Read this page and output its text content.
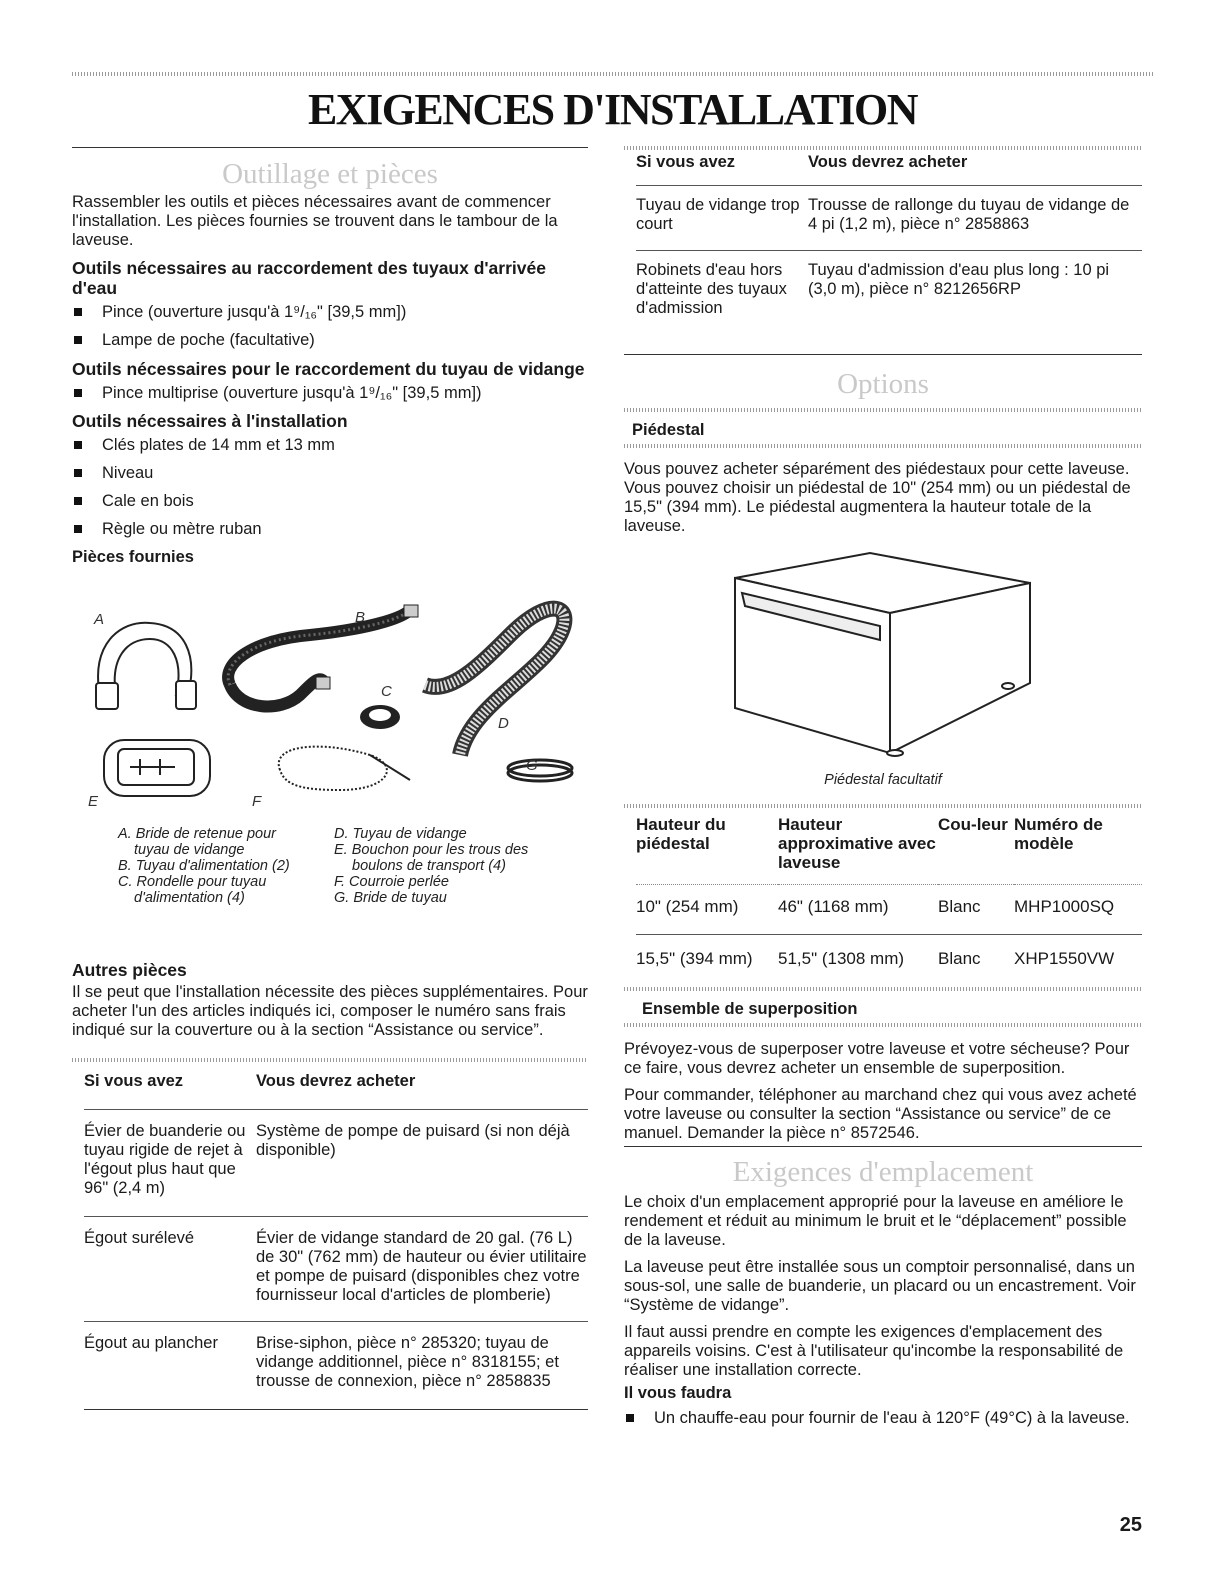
EXIGENCES D'INSTALLATION
Outillage et pièces

Rassembler les outils et pièces nécessaires avant de commencer l'installation. Les pièces fournies se trouvent dans le tambour de la laveuse.

Outils nécessaires au raccordement des tuyaux d'arrivée d'eau
Pince (ouverture jusqu'à 1⁹/₁₆" [39,5 mm])
Lampe de poche (facultative)
Outils nécessaires pour le raccordement du tuyau de vidange
Pince multiprise (ouverture jusqu'à 1⁹/₁₆" [39,5 mm])
Outils nécessaires à l'installation
Clés plates de 14 mm et 13 mm
Niveau
Cale en bois
Règle ou mètre ruban
Pièces fournies
A	B
C
D
E	F
G
A. Bride de retenue pour
tuyau de vidange
B. Tuyau d'alimentation (2)
C. Rondelle pour tuyau
d'alimentation (4)
D. Tuyau de vidange
E. Bouchon pour les trous des
boulons de transport (4)
F. Courroie perlée
G. Bride de tuyau
Autres pièces

Il se peut que l'installation nécessite des pièces supplémentaires. Pour acheter l'un des articles indiqués ici, composer le numéro sans frais indiqué sur la couverture ou à la section “Assistance ou service”.

Si vous avez	Vous devrez acheter
Évier de buanderie ou tuyau rigide de rejet à l'égout plus haut que 96" (2,4 m)	Système de pompe de puisard (si non déjà disponible)
Égout surélevé	Évier de vidange standard de 20 gal. (76 L) de 30" (762 mm) de hauteur ou évier utilitaire et pompe de puisard (disponibles chez votre fournisseur local d'articles de plomberie)
Égout au plancher	Brise-siphon, pièce n° 285320; tuyau de vidange additionnel, pièce n° 8318155; et trousse de connexion, pièce n° 2858835
Si vous avez	Vous devrez acheter
Tuyau de vidange trop court	Trousse de rallonge du tuyau de vidange de 4 pi (1,2 m), pièce n° 2858863
Robinets d'eau hors d'atteinte des tuyaux d'admission	Tuyau d'admission d'eau plus long : 10 pi (3,0 m), pièce n° 8212656RP
Options
Piédestal

Vous pouvez acheter séparément des piédestaux pour cette laveuse. Vous pouvez choisir un piédestal de 10" (254 mm) ou un piédestal de 15,5" (394 mm). Le piédestal augmentera la hauteur totale de la laveuse.

Piédestal facultatif
Hauteur du piédestal	Hauteur approximative avec laveuse	Cou-leur	Numéro de modèle
10" (254 mm)	46" (1168 mm)	Blanc	MHP1000SQ
15,5" (394 mm)	51,5" (1308 mm)	Blanc	XHP1550VW
Ensemble de superposition

Prévoyez-vous de superposer votre laveuse et votre sécheuse? Pour ce faire, vous devrez acheter un ensemble de superposition.

Pour commander, téléphoner au marchand chez qui vous avez acheté votre laveuse ou consulter la section “Assistance ou service” de ce manuel. Demander la pièce n° 8572546.

Exigences d'emplacement

Le choix d'un emplacement approprié pour la laveuse en améliore le rendement et réduit au minimum le bruit et le “déplacement” possible de la laveuse.

La laveuse peut être installée sous un comptoir personnalisé, dans un sous-sol, une salle de buanderie, un placard ou un encastrement. Voir “Système de vidange”.

Il faut aussi prendre en compte les exigences d'emplacement des appareils voisins. C'est à l'utilisateur qu'incombe la responsabilité de réaliser une installation correcte.

Il vous faudra
Un chauffe-eau pour fournir de l'eau à 120°F (49°C) à la laveuse.
25
